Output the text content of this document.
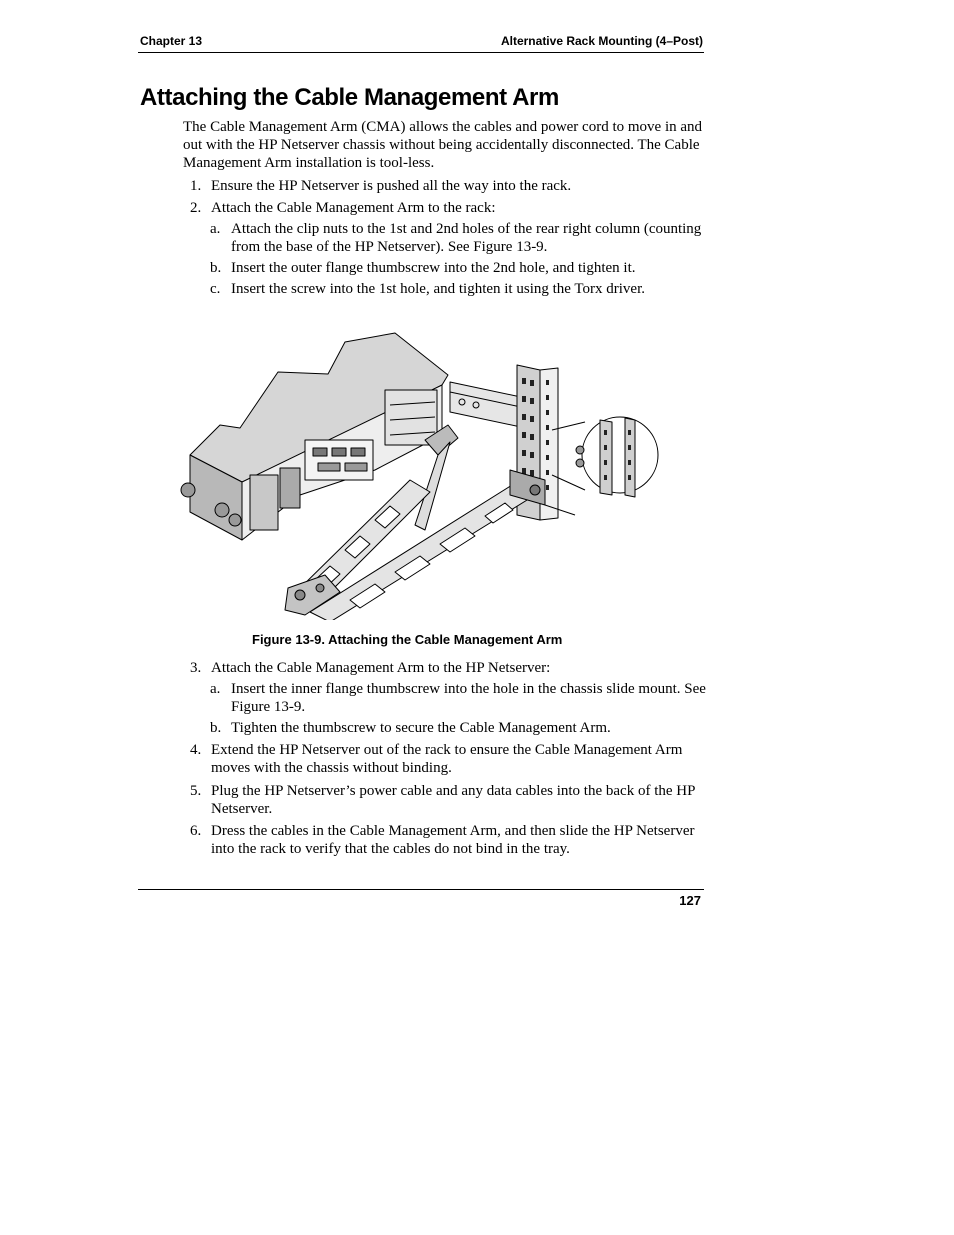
Chapter 13	Alternative Rack Mounting (4–Post)
Attaching the Cable Management Arm

The Cable Management Arm (CMA) allows the cables and power cord to move in and out with the HP Netserver chassis without being accidentally disconnected. The Cable Management Arm installation is tool-less.

1. Ensure the HP Netserver is pushed all the way into the rack.
2. Attach the Cable Management Arm to the rack:
a. Attach the clip nuts to the 1st and 2nd holes of the rear right column (counting from the base of the HP Netserver). See Figure 13-9.
b. Insert the outer flange thumbscrew into the 2nd hole, and tighten it.
c. Insert the screw into the 1st hole, and tighten it using the Torx driver.
Figure 13-9. Attaching the Cable Management Arm
3. Attach the Cable Management Arm to the HP Netserver:
a. Insert the inner flange thumbscrew into the hole in the chassis slide mount. See Figure 13-9.
b. Tighten the thumbscrew to secure the Cable Management Arm.
4. Extend the HP Netserver out of the rack to ensure the Cable Management Arm moves with the chassis without binding.
5. Plug the HP Netserver’s power cable and any data cables into the back of the HP Netserver.
6. Dress the cables in the Cable Management Arm, and then slide the HP Netserver into the rack to verify that the cables do not bind in the tray.
127
